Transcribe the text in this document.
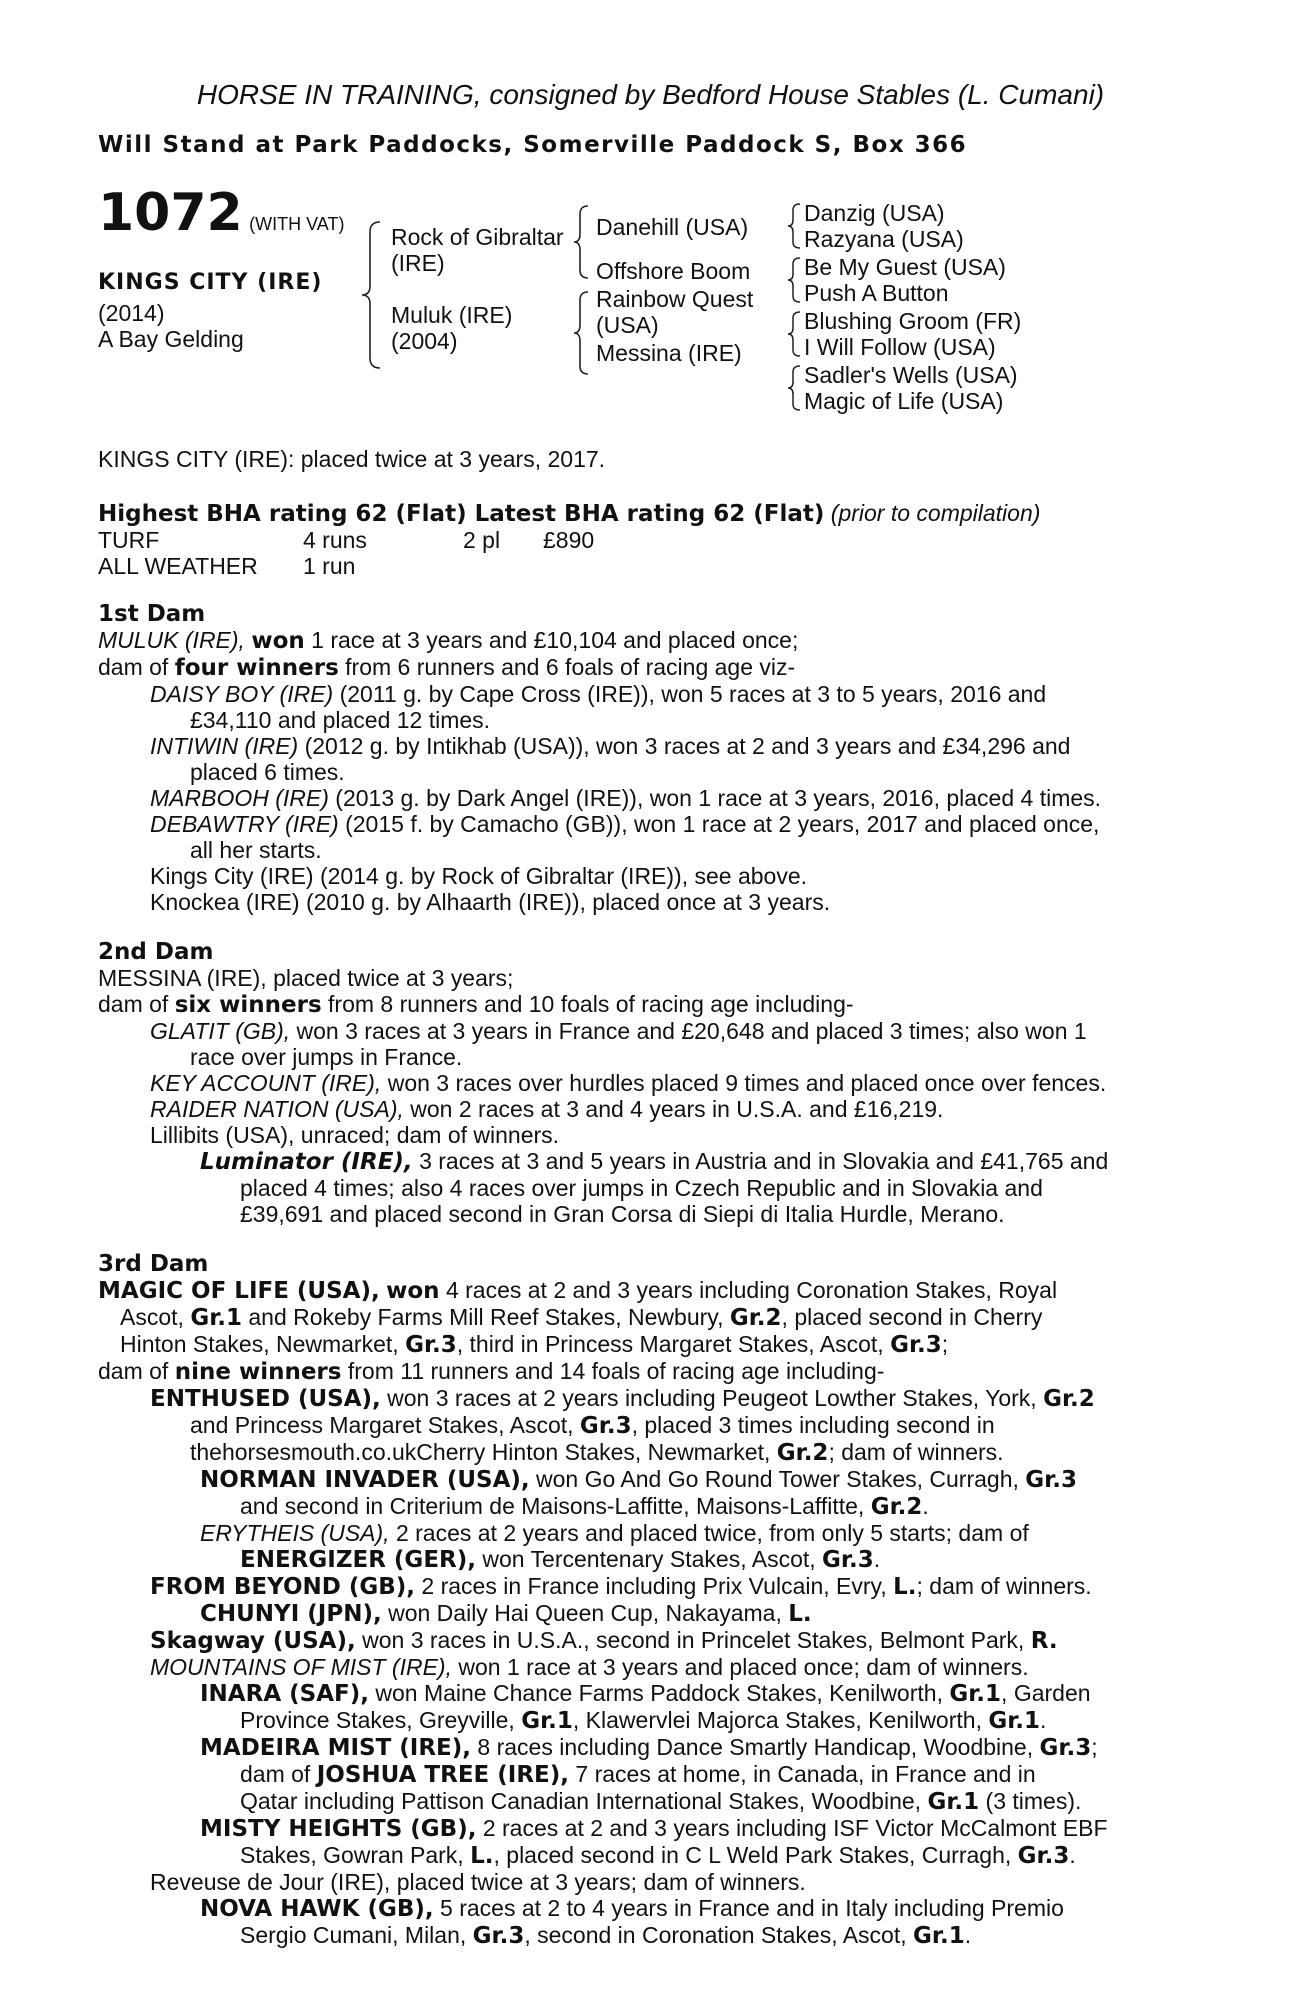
HORSE IN TRAINING, consigned by Bedford House Stables (L. Cumani)
Will Stand at Park Paddocks, Somerville Paddock S, Box 366
1072 (WITH VAT)
KINGS CITY (IRE)
(2014)
A Bay Gelding
Rock of Gibraltar
(IRE)
Muluk (IRE)
(2004)
Danehill (USA)
Offshore Boom
Rainbow Quest
(USA)
Messina (IRE)
Danzig (USA)
Razyana (USA)
Be My Guest (USA)
Push A Button
Blushing Groom (FR)
I Will Follow (USA)
Sadler's Wells (USA)
Magic of Life (USA)

KINGS CITY (IRE): placed twice at 3 years, 2017.

Highest BHA rating 62 (Flat) Latest BHA rating 62 (Flat) (prior to compilation)

TURF	4 runs	2 pl £890
ALL WEATHER 1 run

1st Dam

MULUK (IRE), won 1 race at 3 years and £10,104 and placed once;

dam of four winners from 6 runners and 6 foals of racing age viz-

DAISY BOY (IRE) (2011 g. by Cape Cross (IRE)), won 5 races at 3 to 5 years, 2016 and
£34,110 and placed 12 times.

INTIWIN (IRE) (2012 g. by Intikhab (USA)), won 3 races at 2 and 3 years and £34,296 and
placed 6 times.

MARBOOH (IRE) (2013 g. by Dark Angel (IRE)), won 1 race at 3 years, 2016, placed 4 times.

DEBAWTRY (IRE) (2015 f. by Camacho (GB)), won 1 race at 2 years, 2017 and placed once,
all her starts.

Kings City (IRE) (2014 g. by Rock of Gibraltar (IRE)), see above.

Knockea (IRE) (2010 g. by Alhaarth (IRE)), placed once at 3 years.

2nd Dam

MESSINA (IRE), placed twice at 3 years;

dam of six winners from 8 runners and 10 foals of racing age including-

GLATIT (GB), won 3 races at 3 years in France and £20,648 and placed 3 times; also won 1
race over jumps in France.

KEY ACCOUNT (IRE), won 3 races over hurdles placed 9 times and placed once over fences.

RAIDER NATION (USA), won 2 races at 3 and 4 years in U.S.A. and £16,219.

Lillibits (USA), unraced; dam of winners.

Luminator (IRE), 3 races at 3 and 5 years in Austria and in Slovakia and £41,765 and
placed 4 times; also 4 races over jumps in Czech Republic and in Slovakia and
£39,691 and placed second in Gran Corsa di Siepi di Italia Hurdle, Merano.

3rd Dam

MAGIC OF LIFE (USA), won 4 races at 2 and 3 years including Coronation Stakes, Royal
Ascot, Gr.1 and Rokeby Farms Mill Reef Stakes, Newbury, Gr.2, placed second in Cherry
Hinton Stakes, Newmarket, Gr.3, third in Princess Margaret Stakes, Ascot, Gr.3;

dam of nine winners from 11 runners and 14 foals of racing age including-

ENTHUSED (USA), won 3 races at 2 years including Peugeot Lowther Stakes, York, Gr.2
and Princess Margaret Stakes, Ascot, Gr.3, placed 3 times including second in
thehorsesmouth.co.ukCherry Hinton Stakes, Newmarket, Gr.2; dam of winners.

NORMAN INVADER (USA), won Go And Go Round Tower Stakes, Curragh, Gr.3
and second in Criterium de Maisons-Laffitte, Maisons-Laffitte, Gr.2.

ERYTHEIS (USA), 2 races at 2 years and placed twice, from only 5 starts; dam of
ENERGIZER (GER), won Tercentenary Stakes, Ascot, Gr.3.

FROM BEYOND (GB), 2 races in France including Prix Vulcain, Evry, L.; dam of winners.

CHUNYI (JPN), won Daily Hai Queen Cup, Nakayama, L.

Skagway (USA), won 3 races in U.S.A., second in Princelet Stakes, Belmont Park, R.

MOUNTAINS OF MIST (IRE), won 1 race at 3 years and placed once; dam of winners.

INARA (SAF), won Maine Chance Farms Paddock Stakes, Kenilworth, Gr.1, Garden
Province Stakes, Greyville, Gr.1, Klawervlei Majorca Stakes, Kenilworth, Gr.1.

MADEIRA MIST (IRE), 8 races including Dance Smartly Handicap, Woodbine, Gr.3;
dam of JOSHUA TREE (IRE), 7 races at home, in Canada, in France and in
Qatar including Pattison Canadian International Stakes, Woodbine, Gr.1 (3 times).

MISTY HEIGHTS (GB), 2 races at 2 and 3 years including ISF Victor McCalmont EBF
Stakes, Gowran Park, L., placed second in C L Weld Park Stakes, Curragh, Gr.3.

Reveuse de Jour (IRE), placed twice at 3 years; dam of winners.

NOVA HAWK (GB), 5 races at 2 to 4 years in France and in Italy including Premio
Sergio Cumani, Milan, Gr.3, second in Coronation Stakes, Ascot, Gr.1.
